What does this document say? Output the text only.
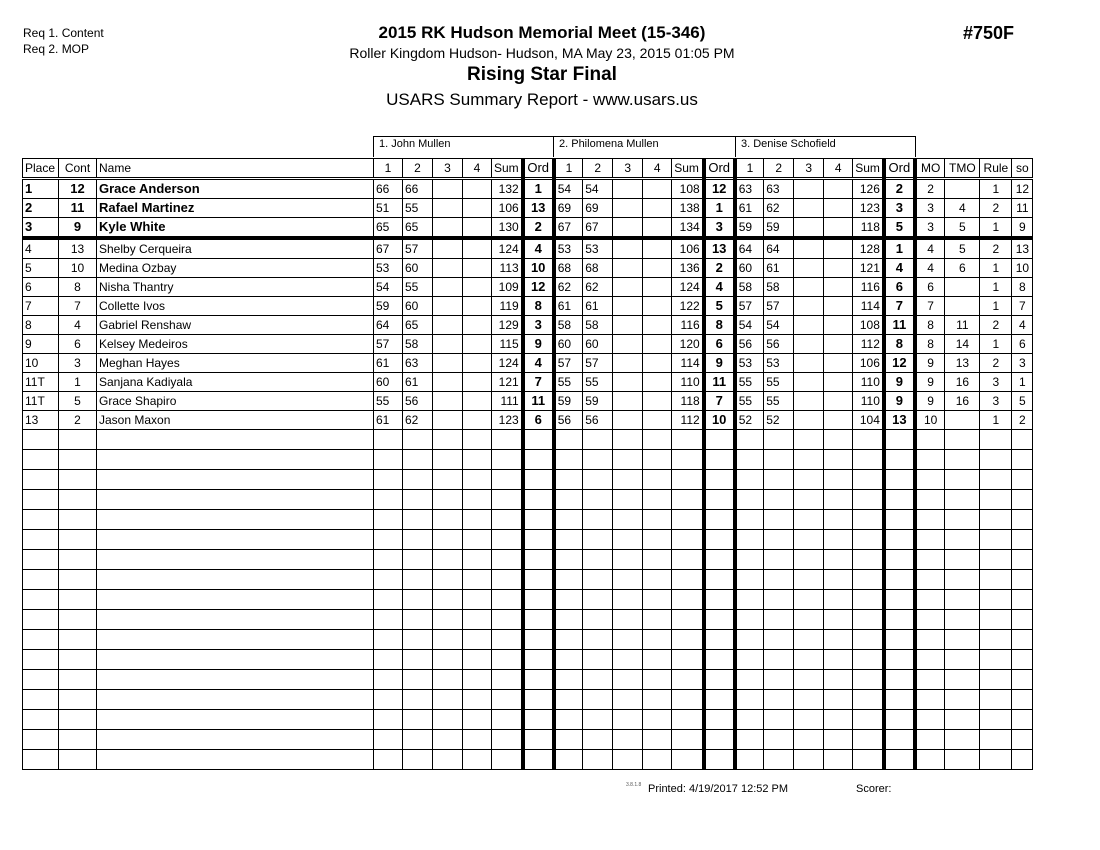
Req 1. Content
Req 2. MOP
2015 RK Hudson Memorial Meet (15-346)
Roller Kingdom Hudson- Hudson, MA May 23, 2015 01:05 PM
Rising Star Final
USARS Summary Report - www.usars.us
#750F
1. John Mullen	2. Philomena Mullen	3. Denise Schofield
Place	Cont	Name	1	2	3	4	Sum	Ord	1	2	3	4	Sum	Ord	1	2	3	4	Sum	Ord	MO	TMO	Rule	so
1	12	Grace Anderson	66	66			132	1	54	54			108	12	63	63			126	2	2		1	12
2	11	Rafael Martinez	51	55			106	13	69	69			138	1	61	62			123	3	3	4	2	11
3	9	Kyle White	65	65			130	2	67	67			134	3	59	59			118	5	3	5	1	9
4	13	Shelby Cerqueira	67	57			124	4	53	53			106	13	64	64			128	1	4	5	2	13
5	10	Medina Ozbay	53	60			113	10	68	68			136	2	60	61			121	4	4	6	1	10
6	8	Nisha Thantry	54	55			109	12	62	62			124	4	58	58			116	6	6		1	8
7	7	Collette Ivos	59	60			119	8	61	61			122	5	57	57			114	7	7		1	7
8	4	Gabriel Renshaw	64	65			129	3	58	58			116	8	54	54			108	11	8	11	2	4
9	6	Kelsey Medeiros	57	58			115	9	60	60			120	6	56	56			112	8	8	14	1	6
10	3	Meghan Hayes	61	63			124	4	57	57			114	9	53	53			106	12	9	13	2	3
11T	1	Sanjana Kadiyala	60	61			121	7	55	55			110	11	55	55			110	9	9	16	3	1
11T	5	Grace Shapiro	55	56			111	11	59	59			118	7	55	55			110	9	9	16	3	5
13	2	Jason Maxon	61	62			123	6	56	56			112	10	52	52			104	13	10		1	2

3.8.1.8 Printed: 4/19/2017 12:52 PM	Scorer:
